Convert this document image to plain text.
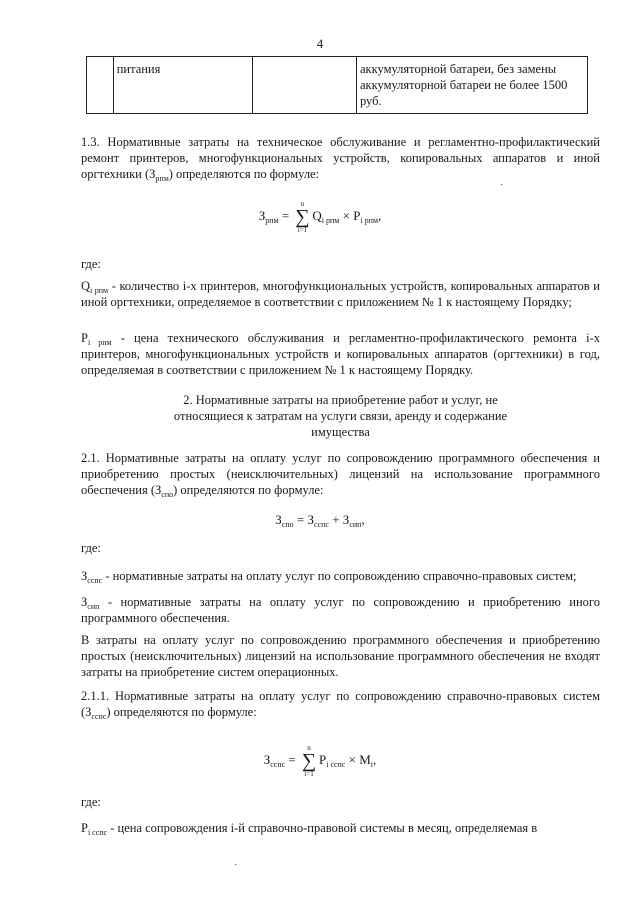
4
	питания		аккумуляторной батареи, без замены аккумуляторной батареи не более 1500 руб.
1.3. Нормативные затраты на техническое обслуживание и регламентно-профилактический ремонт принтеров, многофункциональных устройств, копировальных аппаратов и иной оргтехники $(З_{рпм})$ определяются по формуле:
$З_{рпм}$ =
n
∑
i=1
$Q_{i рпм} \times P_{i рпм}$,
где:
$Q_{i рпм}$ - количество i-х принтеров, многофункциональных устройств, копировальных аппаратов и иной оргтехники, определяемое в соответствии с приложением № 1 к настоящему Порядку;
$P_{i рпм}$ - цена технического обслуживания и регламентно-профилактического ремонта i-х принтеров, многофункциональных устройств и копировальных аппаратов (оргтехники) в год, определяемая в соответствии с приложением № 1 к настоящему Порядку.
2. Нормативные затраты на приобретение работ и услуг, не
относящиеся к затратам на услуги связи, аренду и содержание
имущества
2.1. Нормативные затраты на оплату услуг по сопровождению программного обеспечения и приобретению простых (неисключительных) лицензий на использование программного обеспечения $(З_{спо})$ определяются по формуле:
$З_{спо} = З_{сспс} + З_{сип}$,
где:
$З_{сспс}$ - нормативные затраты на оплату услуг по сопровождению справочно-правовых систем;
$З_{сип}$ - нормативные затраты на оплату услуг по сопровождению и приобретению иного программного обеспечения.
В затраты на оплату услуг по сопровождению программного обеспечения и приобретению простых (неисключительных) лицензий на использование программного обеспечения не входят затраты на приобретение систем операционных.
2.1.1. Нормативные затраты на оплату услуг по сопровождению справочно-правовых систем $(З_{сспс})$ определяются по формуле:
$З_{сспс}$ =
n
∑
i=1
$P_{i сспс} \times M_i$,
где:
$P_{i сспс}$ - цена сопровождения i-й справочно-правовой системы в месяц, определяемая в
·
·
